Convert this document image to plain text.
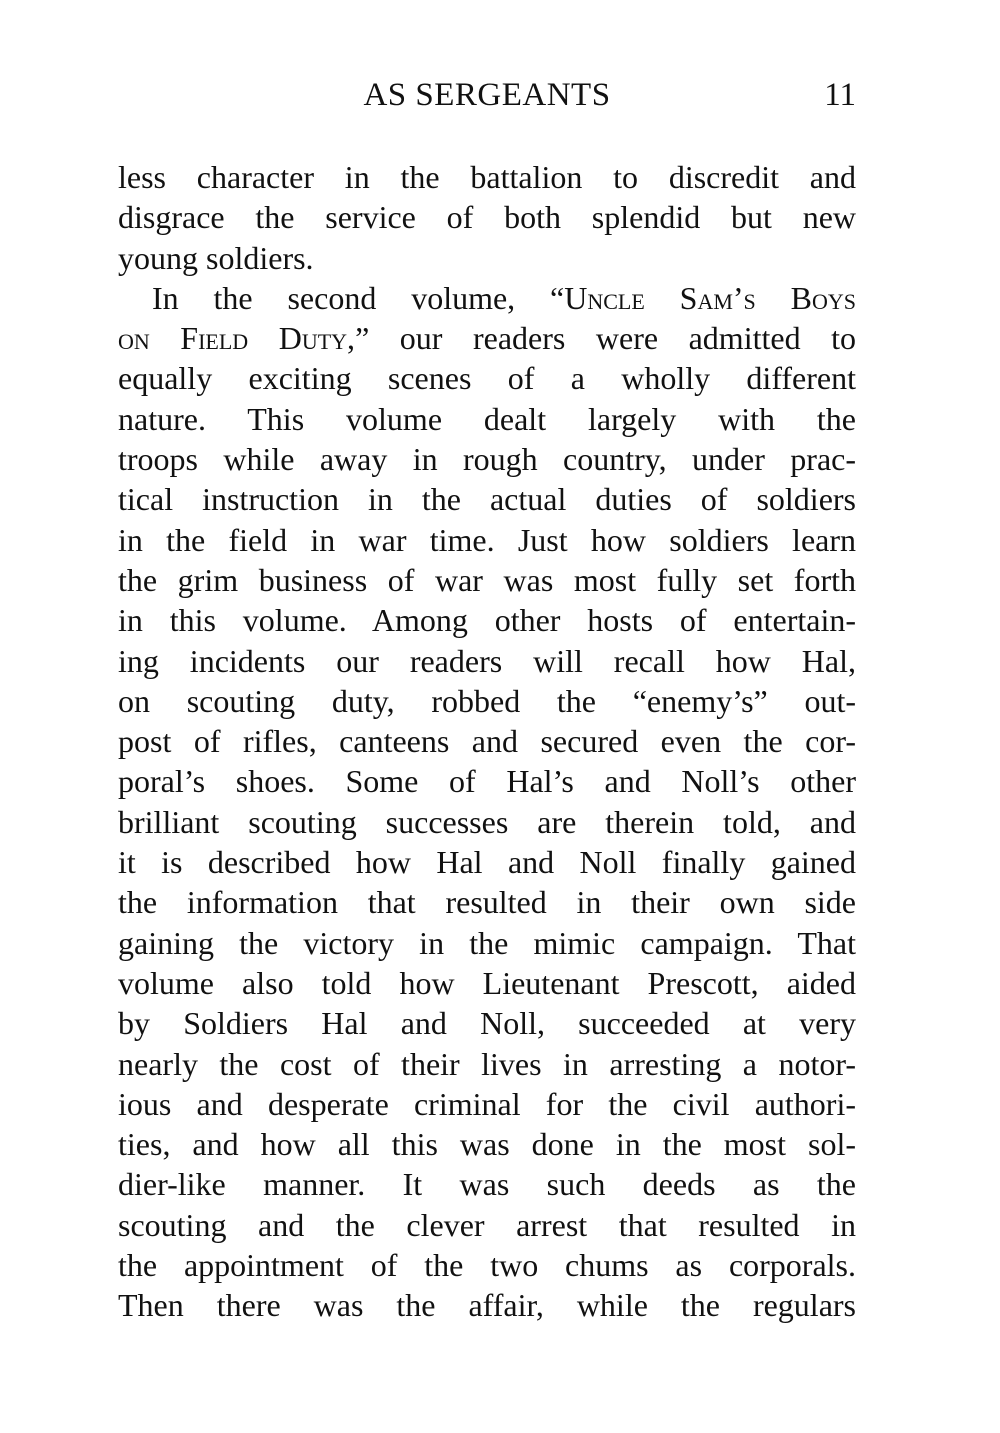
AS SERGEANTS	11
less character in the battalion to discredit and
disgrace the service of both splendid but new
young soldiers.
In the second volume, “Uncle Sam’s Boys
on Field Duty,” our readers were admitted to
equally exciting scenes of a wholly different
nature. This volume dealt largely with the
troops while away in rough country, under prac-
tical instruction in the actual duties of soldiers
in the field in war time. Just how soldiers learn
the grim business of war was most fully set forth
in this volume. Among other hosts of entertain-
ing incidents our readers will recall how Hal,
on scouting duty, robbed the “enemy’s” out-
post of rifles, canteens and secured even the cor-
poral’s shoes. Some of Hal’s and Noll’s other
brilliant scouting successes are therein told, and
it is described how Hal and Noll finally gained
the information that resulted in their own side
gaining the victory in the mimic campaign. That
volume also told how Lieutenant Prescott, aided
by Soldiers Hal and Noll, succeeded at very
nearly the cost of their lives in arresting a notor-
ious and desperate criminal for the civil authori-
ties, and how all this was done in the most sol-
dier-like manner. It was such deeds as the
scouting and the clever arrest that resulted in
the appointment of the two chums as corporals.
Then there was the affair, while the regulars
